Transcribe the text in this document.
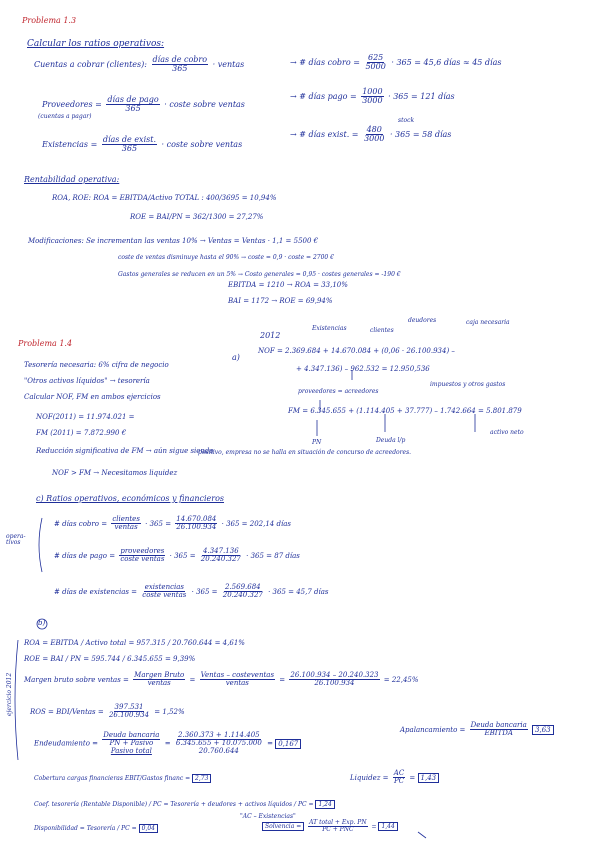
Problema 1.3
Calcular los ratios operativos:
Cuentas a cobrar (clientes): $\frac{\text{días de cobro}}{365}$ · ventas	→ # días cobro = $\frac{625}{5000} \cdot 365 = 45,6$ días ≈ 45 días
Proveedores = $\frac{\text{días de pago}}{365}$ · coste sobre ventas
(cuentas a pagar)
→ # días pago = $\frac{1000}{3000} \cdot 365 = 121$ días
Existencias = $\frac{\text{días de exist.}}{365}$ · coste sobre ventas
stock
→ # días exist. = $\frac{480}{3000} \cdot 365 = 58$ días
Rentabilidad operativa:
ROA, ROE: ROA = EBITDA/Activo TOTAL : 400/3695 = 10,94%
ROE = BAI/PN = 362/1300 = 27,27%
Modificaciones: Se incrementan las ventas 10% → Ventas = Ventas · 1,1 = 5500 €
coste de ventas disminuye hasta el 90% → coste = 0,9 · coste = 2700 €
Gastos generales se reducen en un 5% → Costo generales = 0,95 · costes generales = -190 €
EBITDA = 1210 → ROA = 33,10%
BAI = 1172 → ROE = 69,94%
Problema 1.4
Tesorería necesaria: 6% cifra de negocio
"Otros activos líquidos" → tesorería
Calcular NOF, FM en ambos ejercicios
a)
2012
Existencias	clientes
deudores	caja necesaria
NOF = 2.369.684 + 14.670.084 + (0,06 · 26.100.934) –
+ 4.347.136) – 962.532 = 12.950,536
proveedores = acreedores
impuestos y otros gastos
NOF(2011) = 11.974.021 =
FM (2011) = 7.872.990 €
FM = 6.345.655 + (1.114.405 + 37.777) – 1.742.664 = 5.801.879
PN	Deuda l/p
activo neto
Reducción significativa de FM → aún sigue siendo
positivo, empresa no se halla en situación de concurso de acreedores.
NOF > FM → Necesitamos liquidez
c) Ratios operativos, económicos y financieros
opera- tivos
# días cobro = $\frac{\text{clientes}}{\text{ventas}} \cdot 365 = \frac{14.670.084}{26.100.934} \cdot 365 = 202,14$ días
# días de pago = $\frac{\text{proveedores}}{\text{coste ventas}} \cdot 365 = \frac{4.347.136}{20.240.327} \cdot 365 = 87$ días
# días de existencias = $\frac{\text{existencias}}{\text{coste ventas}} \cdot 365 = \frac{2.569.684}{20.240.327} \cdot 365 = 45,7$ días
b)
ROA = EBITDA / Activo total = 957.315 / 20.760.644 = 4,61%
ROE = BAI / PN = 595.744 / 6.345.655 = 9,39%
Margen bruto sobre ventas = $\frac{\text{Margen Bruto}}{\text{ventas}} = \frac{\text{Ventas – costeventas}}{\text{ventas}} = \frac{26.100.934 - 20.240.323}{26.100.934} = 22,45\%$
ROS = BDI/Ventas = $\frac{397.531}{26.100.934} = 1,52\%$
ejercicio 2012
Endeudamiento =
Deuda bancaria
PN + Pasivo
Pasivo total
=
2.360.373 + 1.114.405
6.345.655 + 10.075.000
20.760.644
= 0,167
Apalancamiento = $\frac{\text{Deuda bancaria}}{\text{EBITDA}} 3,63$
Cobertura cargas financieras EBIT/Gastos financ = 2,73	Liquidez = $\frac{AC}{PC} = 1,43$
Coef. tesorería (Rentable Disponible) / PC = Tesorería + deudores + activos líquidos / PC = 1,24
"AC – Existencias"
Disponibilidad = Tesorería / PC = 0,04	Solvencia = $\frac{\text{AT total + Exp. PN}}{\text{PC + PNC}} = 1,44$
